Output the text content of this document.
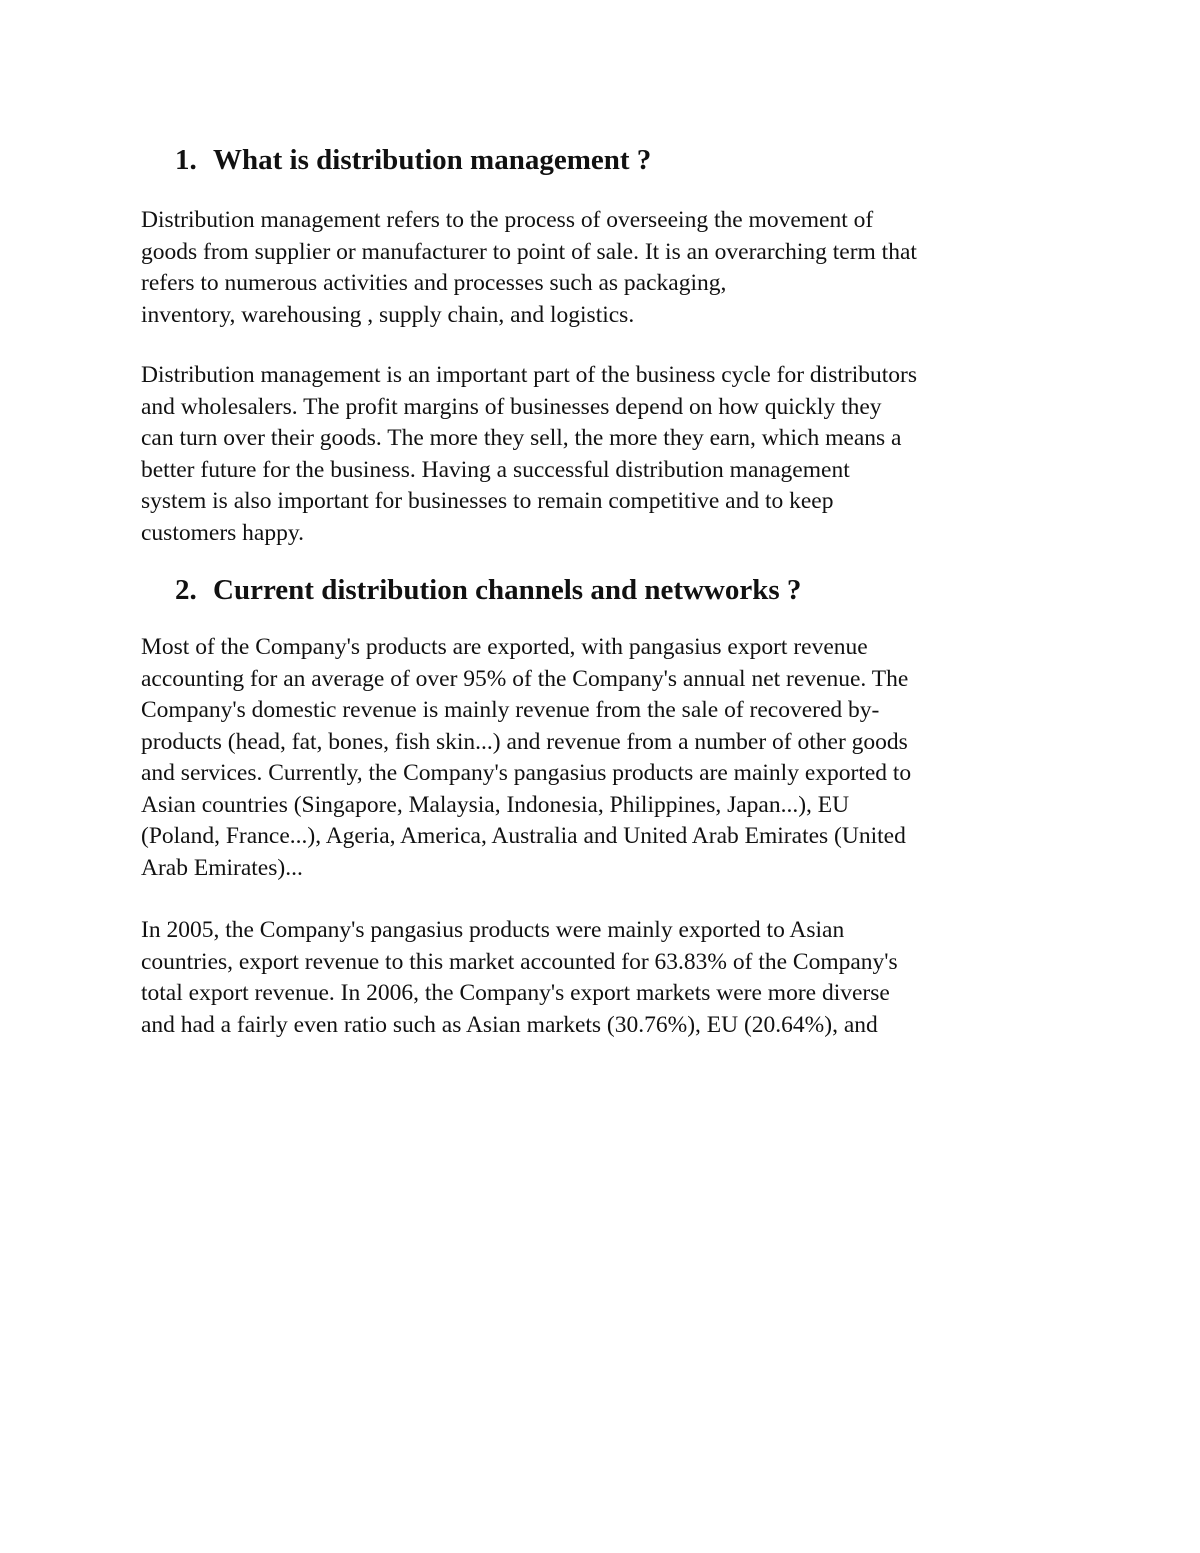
1. What is distribution management ?

Distribution management refers to the process of overseeing the movement of
goods from supplier or manufacturer to point of sale. It is an overarching term that
refers to numerous activities and processes such as packaging,
inventory, warehousing , supply chain, and logistics.

Distribution management is an important part of the business cycle for distributors
and wholesalers. The profit margins of businesses depend on how quickly they
can turn over their goods. The more they sell, the more they earn, which means a
better future for the business. Having a successful distribution management
system is also important for businesses to remain competitive and to keep
customers happy.

2. Current distribution channels and netwworks ?

Most of the Company's products are exported, with pangasius export revenue
accounting for an average of over 95% of the Company's annual net revenue. The
Company's domestic revenue is mainly revenue from the sale of recovered by-
products (head, fat, bones, fish skin...) and revenue from a number of other goods
and services. Currently, the Company's pangasius products are mainly exported to
Asian countries (Singapore, Malaysia, Indonesia, Philippines, Japan...), EU
(Poland, France...), Ageria, America, Australia and United Arab Emirates (United
Arab Emirates)...

In 2005, the Company's pangasius products were mainly exported to Asian
countries, export revenue to this market accounted for 63.83% of the Company's
total export revenue. In 2006, the Company's export markets were more diverse
and had a fairly even ratio such as Asian markets (30.76%), EU (20.64%), and
